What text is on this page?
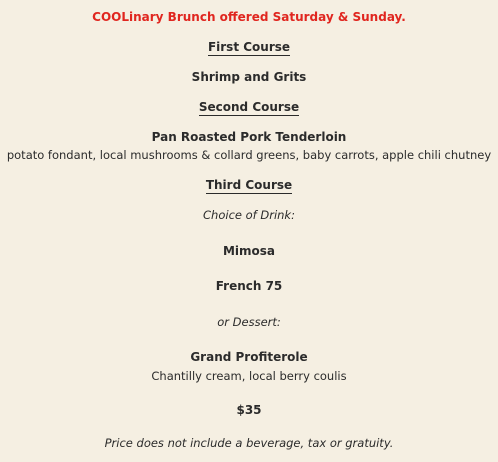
COOLinary Brunch offered Saturday & Sunday.
First Course
Shrimp and Grits
Second Course
Pan Roasted Pork Tenderloin
potato fondant, local mushrooms & collard greens, baby carrots, apple chili chutney
Third Course
Choice of Drink:
Mimosa
French 75
or Dessert:
Grand Profiterole
Chantilly cream, local berry coulis
$35
Price does not include a beverage, tax or gratuity.
